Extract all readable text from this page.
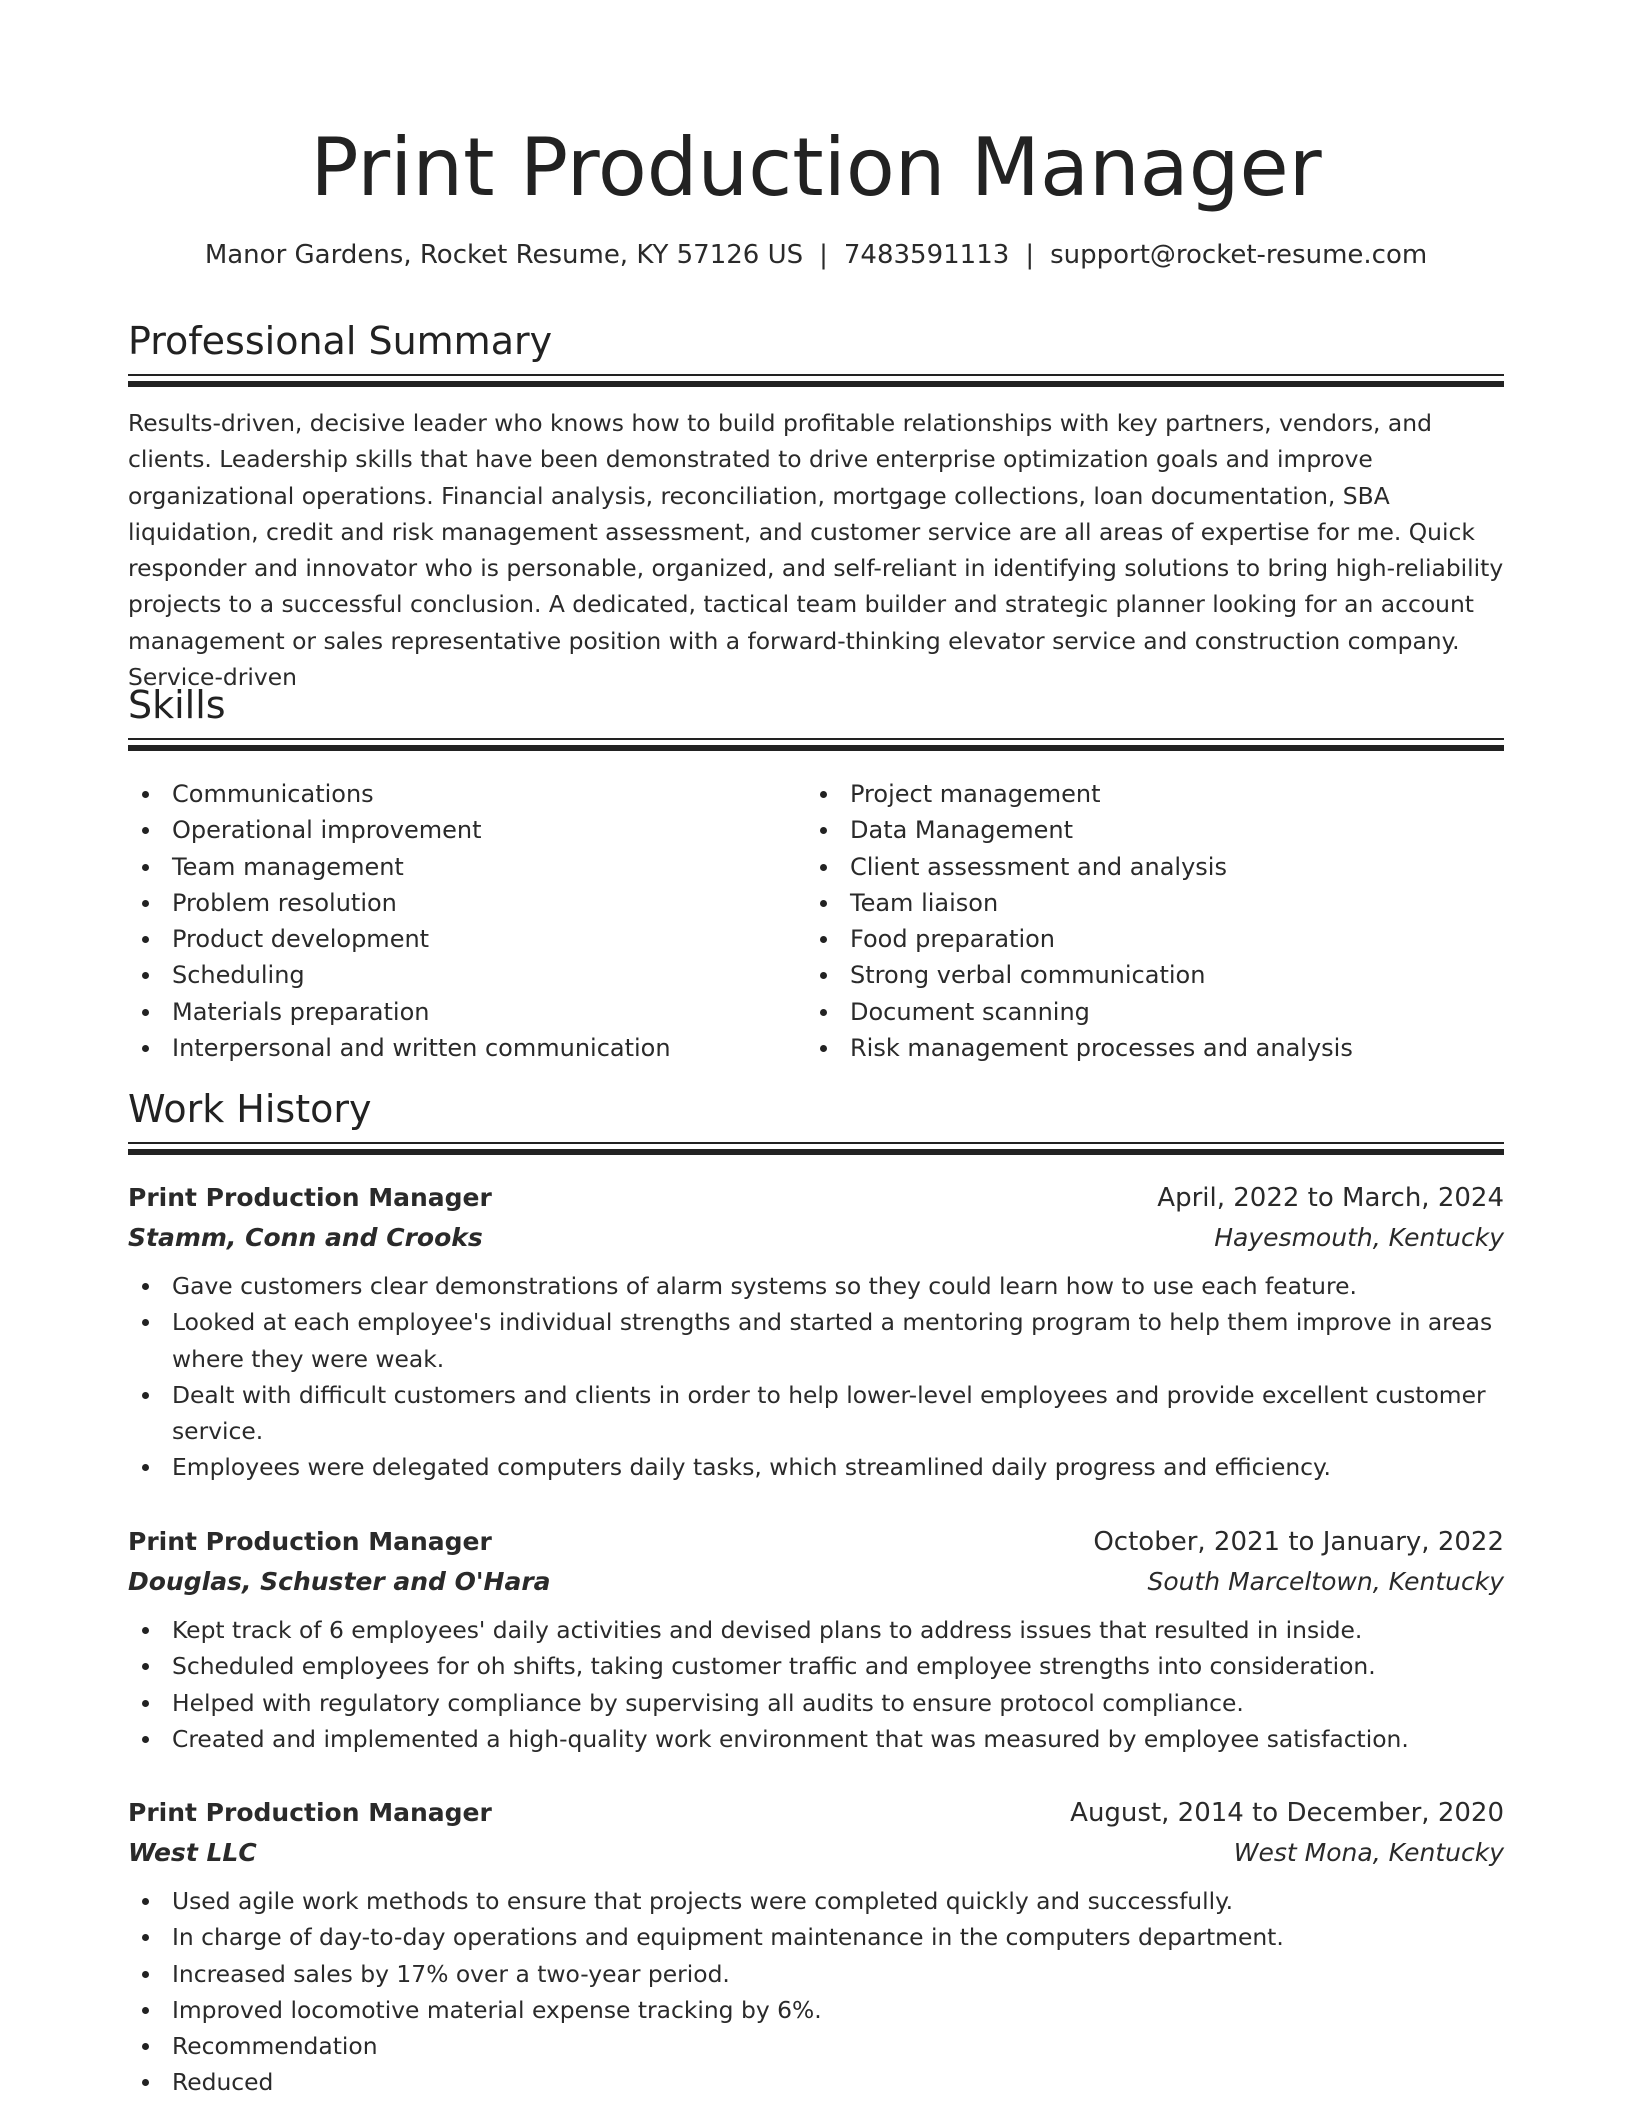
Print Production Manager
Manor Gardens, Rocket Resume, KY 57126 US | 7483591113 | support@rocket-resume.com
Professional Summary

Results-driven, decisive leader who knows how to build profitable relationships with key partners, vendors, and clients. Leadership skills that have been demonstrated to drive enterprise optimization goals and improve organizational operations. Financial analysis, reconciliation, mortgage collections, loan documentation, SBA liquidation, credit and risk management assessment, and customer service are all areas of expertise for me. Quick responder and innovator who is personable, organized, and self-reliant in identifying solutions to bring high-reliability projects to a successful conclusion. A dedicated, tactical team builder and strategic planner looking for an account management or sales representative position with a forward-thinking elevator service and construction company. Service-driven

Skills
Communications
Operational improvement
Team management
Problem resolution
Product development
Scheduling
Materials preparation
Interpersonal and written communication
Project management
Data Management
Client assessment and analysis
Team liaison
Food preparation
Strong verbal communication
Document scanning
Risk management processes and analysis
Work History
Print Production Manager	April, 2022 to March, 2024
Stamm, Conn and Crooks	Hayesmouth, Kentucky
Gave customers clear demonstrations of alarm systems so they could learn how to use each feature.
Looked at each employee's individual strengths and started a mentoring program to help them improve in areas where they were weak.
Dealt with difficult customers and clients in order to help lower-level employees and provide excellent customer service.
Employees were delegated computers daily tasks, which streamlined daily progress and efficiency.
Print Production Manager	October, 2021 to January, 2022
Douglas, Schuster and O'Hara	South Marceltown, Kentucky
Kept track of 6 employees' daily activities and devised plans to address issues that resulted in inside.
Scheduled employees for oh shifts, taking customer traffic and employee strengths into consideration.
Helped with regulatory compliance by supervising all audits to ensure protocol compliance.
Created and implemented a high-quality work environment that was measured by employee satisfaction.
Print Production Manager	August, 2014 to December, 2020
West LLC	West Mona, Kentucky
Used agile work methods to ensure that projects were completed quickly and successfully.
In charge of day-to-day operations and equipment maintenance in the computers department.
Increased sales by 17% over a two-year period.
Improved locomotive material expense tracking by 6%.
Recommendation
Reduced
